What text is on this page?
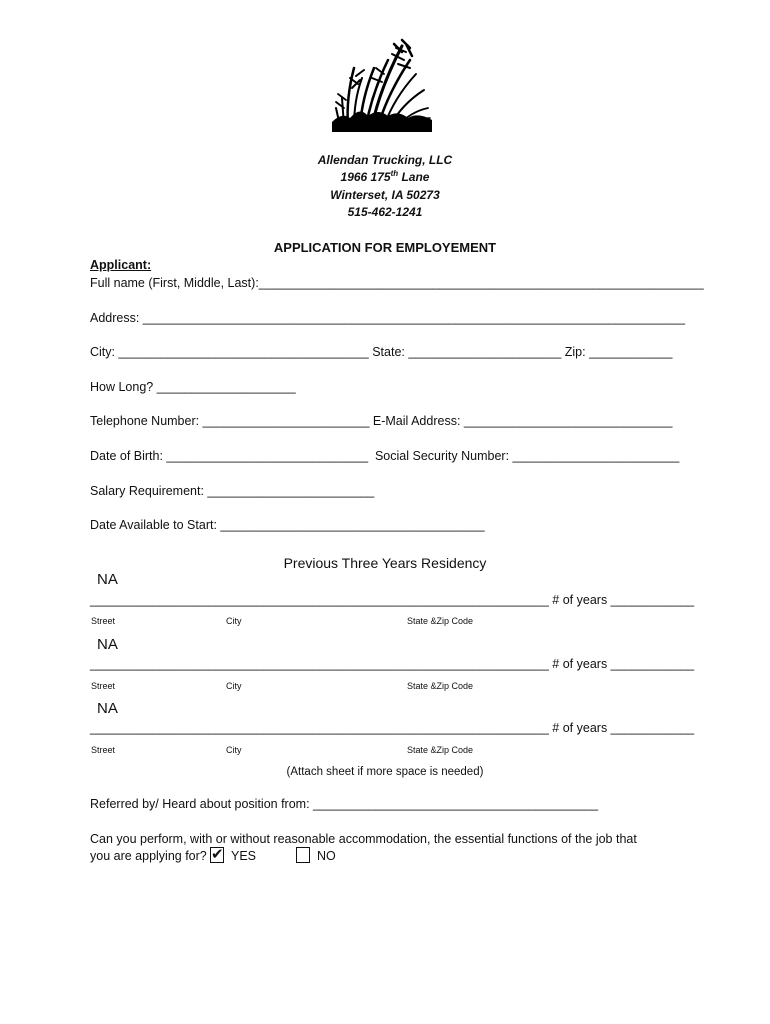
Allendan Trucking, LLC
1966 175th Lane
Winterset, IA 50273
515-462-1241
APPLICATION FOR EMPLOYEMENT
Applicant:
Full name (First, Middle, Last):________________________________________________________________
Address: ______________________________________________________________________________
City: ____________________________________ State: ______________________ Zip: ____________
How Long? ____________________
Telephone Number: ________________________ E-Mail Address: ______________________________
Date of Birth: _____________________________  Social Security Number: ________________________
Salary Requirement: ________________________
Date Available to Start: ______________________________________
Previous Three Years Residency
NA
__________________________________________________________________ # of years ____________
Street	City	State &Zip Code
NA
__________________________________________________________________ # of years ____________
Street	City	State &Zip Code
NA
__________________________________________________________________ # of years ____________
Street	City	State &Zip Code
(Attach sheet if more space is needed)
Referred by/ Heard about position from: _________________________________________
Can you perform, with or without reasonable accommodation, the essential functions of the job that
you are applying for? ✔ YES	NO
